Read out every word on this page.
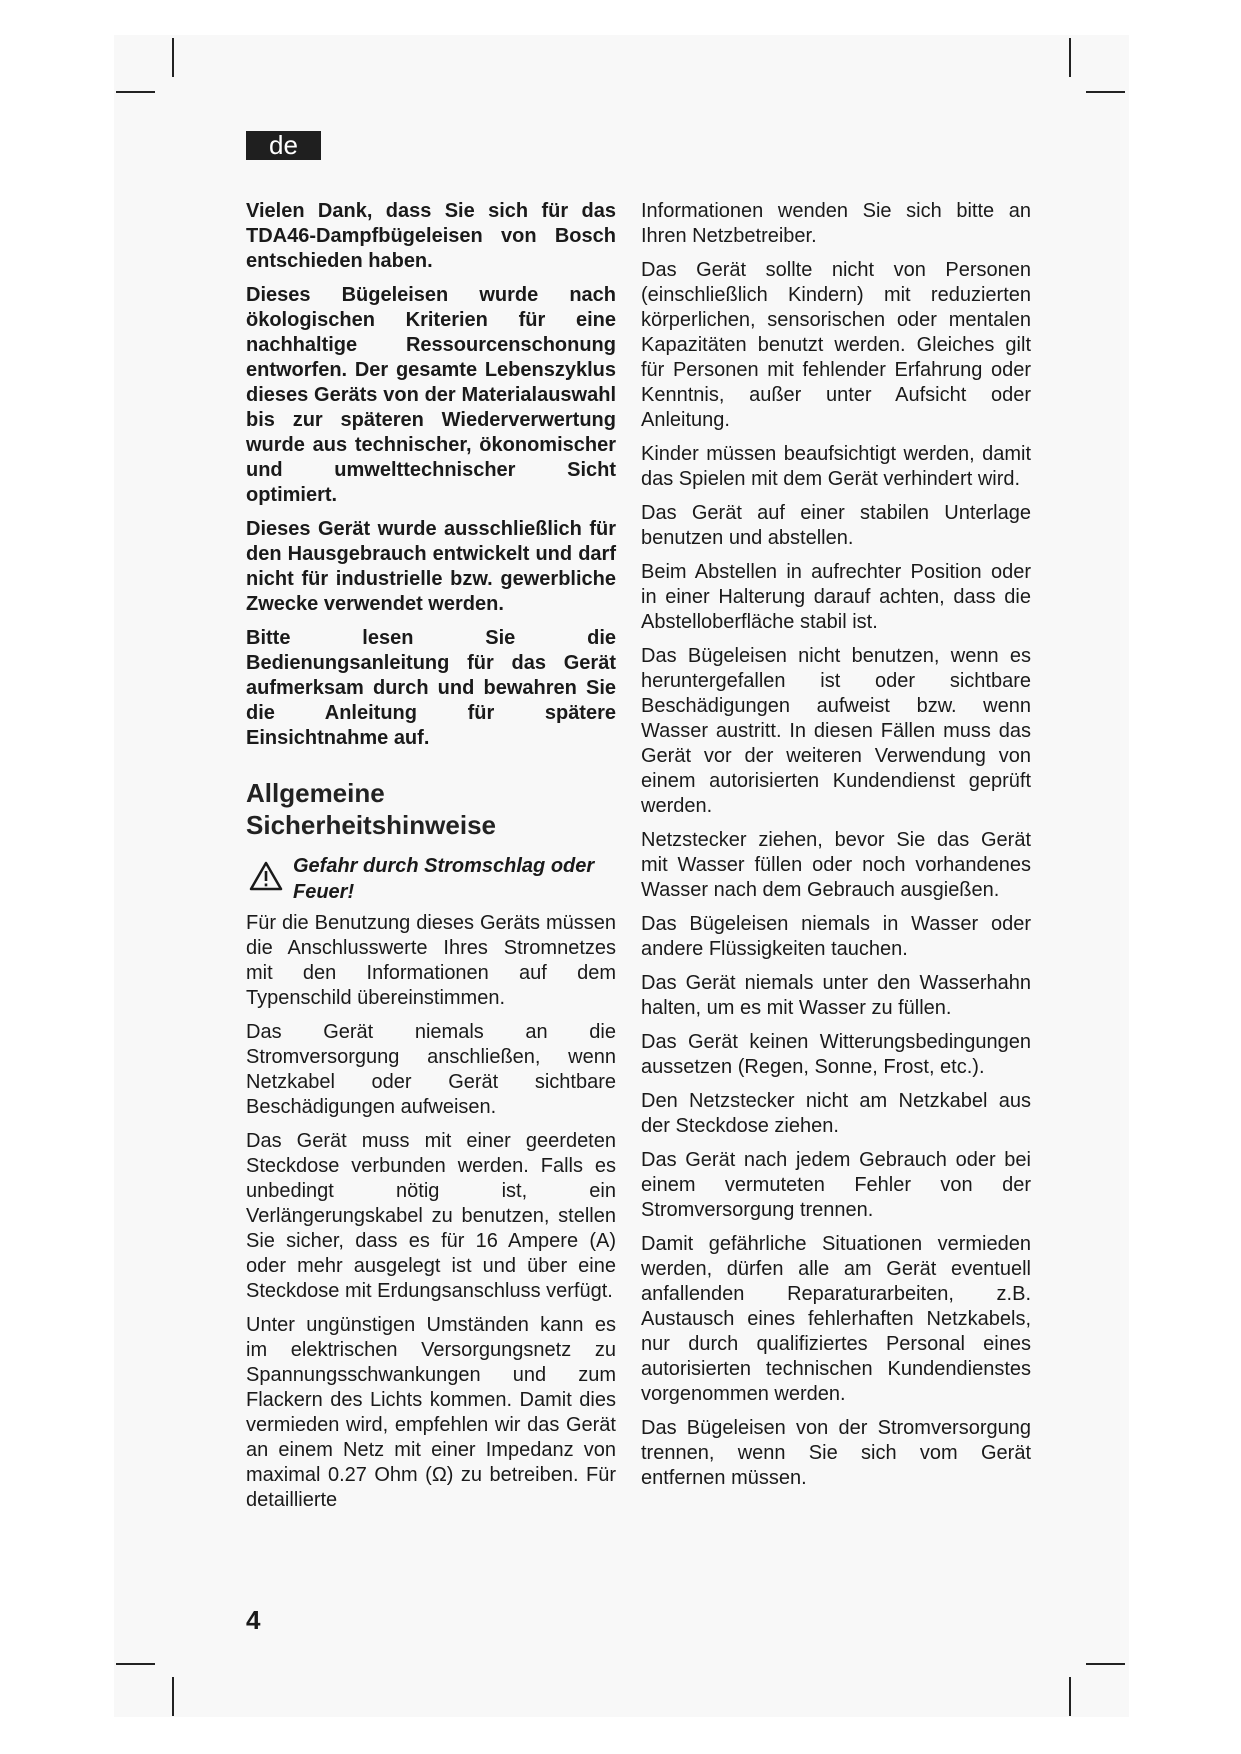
de

Vielen Dank, dass Sie sich für das TDA46-Dampfbügeleisen von Bosch entschieden haben.

Dieses Bügeleisen wurde nach ökologischen Kriterien für eine nachhaltige Ressourcenschonung entworfen. Der gesamte Lebenszyklus dieses Geräts von der Materialauswahl bis zur späteren Wiederverwertung wurde aus technischer, ökonomischer und umwelttechnischer Sicht optimiert.

Dieses Gerät wurde ausschließlich für den Hausgebrauch entwickelt und darf nicht für industrielle bzw. gewerbliche Zwecke verwendet werden.

Bitte lesen Sie die Bedienungsanleitung für das Gerät aufmerksam durch und bewahren Sie die Anleitung für spätere Einsichtnahme auf.

Allgemeine
Sicherheitshinweise
Gefahr durch Stromschlag oder Feuer!

Für die Benutzung dieses Geräts müssen die Anschlusswerte Ihres Stromnetzes mit den Informationen auf dem Typenschild übereinstimmen.

Das Gerät niemals an die Stromversorgung anschließen, wenn Netzkabel oder Gerät sichtbare Beschädigungen aufweisen.

Das Gerät muss mit einer geerdeten Steckdose verbunden werden. Falls es unbedingt nötig ist, ein Verlängerungskabel zu benutzen, stellen Sie sicher, dass es für 16 Ampere (A) oder mehr ausgelegt ist und über eine Steckdose mit Erdungsanschluss verfügt.

Unter ungünstigen Umständen kann es im elektrischen Versorgungsnetz zu Spannungsschwankungen und zum Flackern des Lichts kommen. Damit dies vermieden wird, empfehlen wir das Gerät an einem Netz mit einer Impedanz von maximal 0.27 Ohm (Ω) zu betreiben. Für detaillierte

Informationen wenden Sie sich bitte an Ihren Netzbetreiber.

Das Gerät sollte nicht von Personen (einschließlich Kindern) mit reduzierten körperlichen, sensorischen oder mentalen Kapazitäten benutzt werden. Gleiches gilt für Personen mit fehlender Erfahrung oder Kenntnis, außer unter Aufsicht oder Anleitung.

Kinder müssen beaufsichtigt werden, damit das Spielen mit dem Gerät verhindert wird.

Das Gerät auf einer stabilen Unterlage benutzen und abstellen.

Beim Abstellen in aufrechter Position oder in einer Halterung darauf achten, dass die Abstelloberfläche stabil ist.

Das Bügeleisen nicht benutzen, wenn es heruntergefallen ist oder sichtbare Beschädigungen aufweist bzw. wenn Wasser austritt. In diesen Fällen muss das Gerät vor der weiteren Verwendung von einem autorisierten Kundendienst geprüft werden.

Netzstecker ziehen, bevor Sie das Gerät mit Wasser füllen oder noch vorhandenes Wasser nach dem Gebrauch ausgießen.

Das Bügeleisen niemals in Wasser oder andere Flüssigkeiten tauchen.

Das Gerät niemals unter den Wasserhahn halten, um es mit Wasser zu füllen.

Das Gerät keinen Witterungsbedingungen aussetzen (Regen, Sonne, Frost, etc.).

Den Netzstecker nicht am Netzkabel aus der Steckdose ziehen.

Das Gerät nach jedem Gebrauch oder bei einem vermuteten Fehler von der Stromversorgung trennen.

Damit gefährliche Situationen vermieden werden, dürfen alle am Gerät eventuell anfallenden Reparaturarbeiten, z.B. Austausch eines fehlerhaften Netzkabels, nur durch qualifiziertes Personal eines autorisierten technischen Kundendienstes vorgenommen werden.

Das Bügeleisen von der Stromversorgung trennen, wenn Sie sich vom Gerät entfernen müssen.

4
